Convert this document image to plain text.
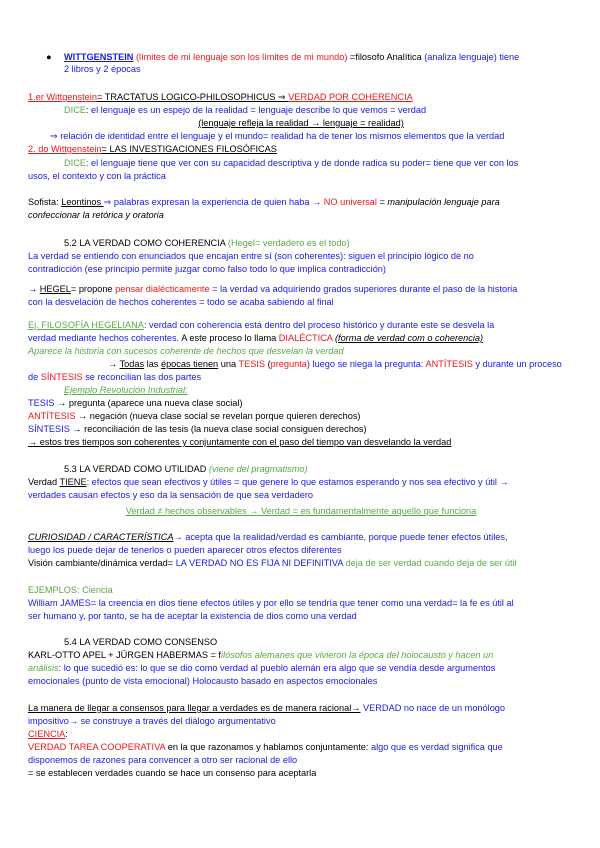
● WITTGENSTEIN (límites de mi lenguaje son los límites de mi mundo) =filosofo Analítica (analiza lenguaje) tiene
2 libros y 2 épocas
1.er Wittgenstein= TRACTATUS LOGICO-PHILOSOPHICUS ⇒ VERDAD POR COHERENCIA
DICE: el lenguaje es un espejo de la realidad = lenguaje describe lo que vemos = verdad
(lenguaje refleja la realidad → lenguaje = realidad)
⇒ relación de identidad entre el lenguaje y el mundo= realidad ha de tener los mismos elementos que la verdad
2. do Wittgenstein= LAS INVESTIGACIONES FILOSÓFICAS
DICE: el lenguaje tiene que ver con su capacidad descriptiva y de donde radica su poder= tiene que ver con los
usos, el contexto y con la práctica
Sofista: Leontinos ⇒ palabras expresan la experiencia de quien haba → NO universal = manipulación lenguaje para
confeccionar la retórica y oratoria
5.2 LA VERDAD COMO COHERENCIA (Hegel= verdadero es el todo)
La verdad se entiendo con enunciados que encajan entre sí (son coherentes): siguen el principio lógico de no
contradicción (ese principio permite juzgar como falso todo lo que implica contradicción)
→ HEGEL= propone pensar dialécticamente = la verdad va adquiriendo grados superiores durante el paso de la historia
con la desvelación de hechos coherentes = todo se acaba sabiendo al final
Ej. FILOSOFÍA HEGELIANA: verdad con coherencia está dentro del proceso histórico y durante este se desvela la
verdad mediante hechos coherentes. A este proceso lo llama DIALÉCTICA (forma de verdad com o coherencia)
Aparece la historia con sucesos coherente de hechos que desvelan la verdad
→ Todas las épocas tienen una TESIS (pregunta) luego se niega la pregunta: ANTÍTESIS y durante un proceso
de SÍNTESIS se reconcilian las dos partes
Ejemplo Revolución Industrial:
TESIS → pregunta (aparece una nueva clase social)
ANTÍTESIS → negación (nueva clase social se revelan porque quieren derechos)
SÍNTESIS → reconciliación de las tesis (la nueva clase social consiguen derechos)
→ estos tres tiempos son coherentes y conjuntamente con el paso del tiempo van desvelando la verdad
5.3 LA VERDAD COMO UTILIDAD (viene del pragmatismo)
Verdad TIENE: efectos que sean efectivos y útiles = que genere lo que estamos esperando y nos sea efectivo y útil →
verdades causan efectos y eso da la sensación de que sea verdadero
Verdad ≠ hechos observables → Verdad = es fundamentalmente aquello que funciona
CURIOSIDAD / CARACTERÍSTICA→ acepta que la realidad/verdad es cambiante, porque puede tener efectos útiles,
luego los puede dejar de tenerlos o pueden aparecer otros efectos diferentes
Visión cambiante/dinámica verdad= LA VERDAD NO ES FIJA NI DEFINITIVA deja de ser verdad cuando deja de ser útil
EJEMPLOS: Ciencia
William JAMES= la creencia en dios tiene efectos útiles y por ello se tendría que tener como una verdad= la fe es útil al
ser humano y, por tanto, se ha de aceptar la existencia de dios como una verdad
5.4 LA VERDAD COMO CONSENSO
KARL-OTTO APEL + JÜRGEN HABERMAS = filósofos alemanes que vivieron la época del holocausto y hacen un
análisis: lo que sucedió es: lo que se dio como verdad al pueblo alemán era algo que se vendía desde argumentos
emocionales (punto de vista emocional) Holocausto basado en aspectos emocionales
La manera de llegar a consensos para llegar a verdades es de manera racional→ VERDAD no nace de un monólogo
impositivo→ se construye a través del diálogo argumentativo
CIENCIA:
VERDAD TAREA COOPERATIVA en la que razonamos y hablamos conjuntamente: algo que es verdad significa que
disponemos de razones para convencer a otro ser racional de ello
= se establecen verdades cuando se hace un consenso para aceptarla
